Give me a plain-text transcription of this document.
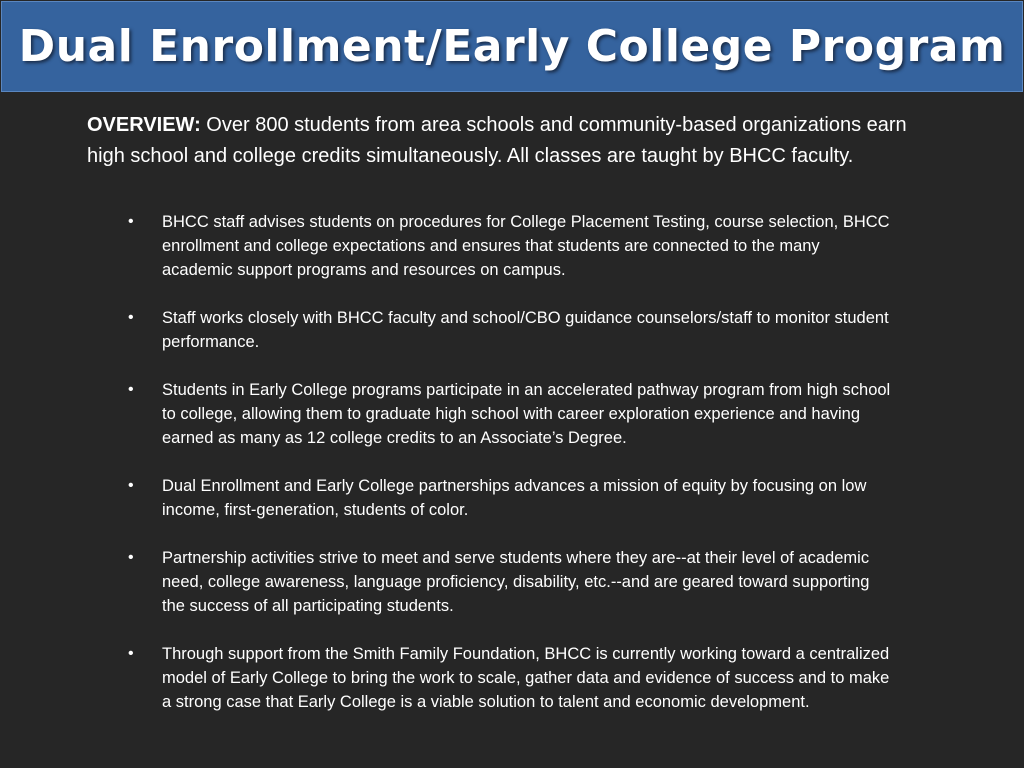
Dual Enrollment/Early College Program
OVERVIEW: Over 800 students from area schools and community-based organizations earn high school and college credits simultaneously. All classes are taught by BHCC faculty.
• BHCC staff advises students on procedures for College Placement Testing, course selection, BHCC enrollment and college expectations and ensures that students are connected to the many academic support programs and resources on campus.
• Staff works closely with BHCC faculty and school/CBO guidance counselors/staff to monitor student performance.
• Students in Early College programs participate in an accelerated pathway program from high school to college, allowing them to graduate high school with career exploration experience and having earned as many as 12 college credits to an Associate’s Degree.
• Dual Enrollment and Early College partnerships advances a mission of equity by focusing on low income, first-generation, students of color.
• Partnership activities strive to meet and serve students where they are--at their level of academic need, college awareness, language proficiency, disability, etc.--and are geared toward supporting the success of all participating students.
• Through support from the Smith Family Foundation, BHCC is currently working toward a centralized model of Early College to bring the work to scale, gather data and evidence of success and to make a strong case that Early College is a viable solution to talent and economic development.
